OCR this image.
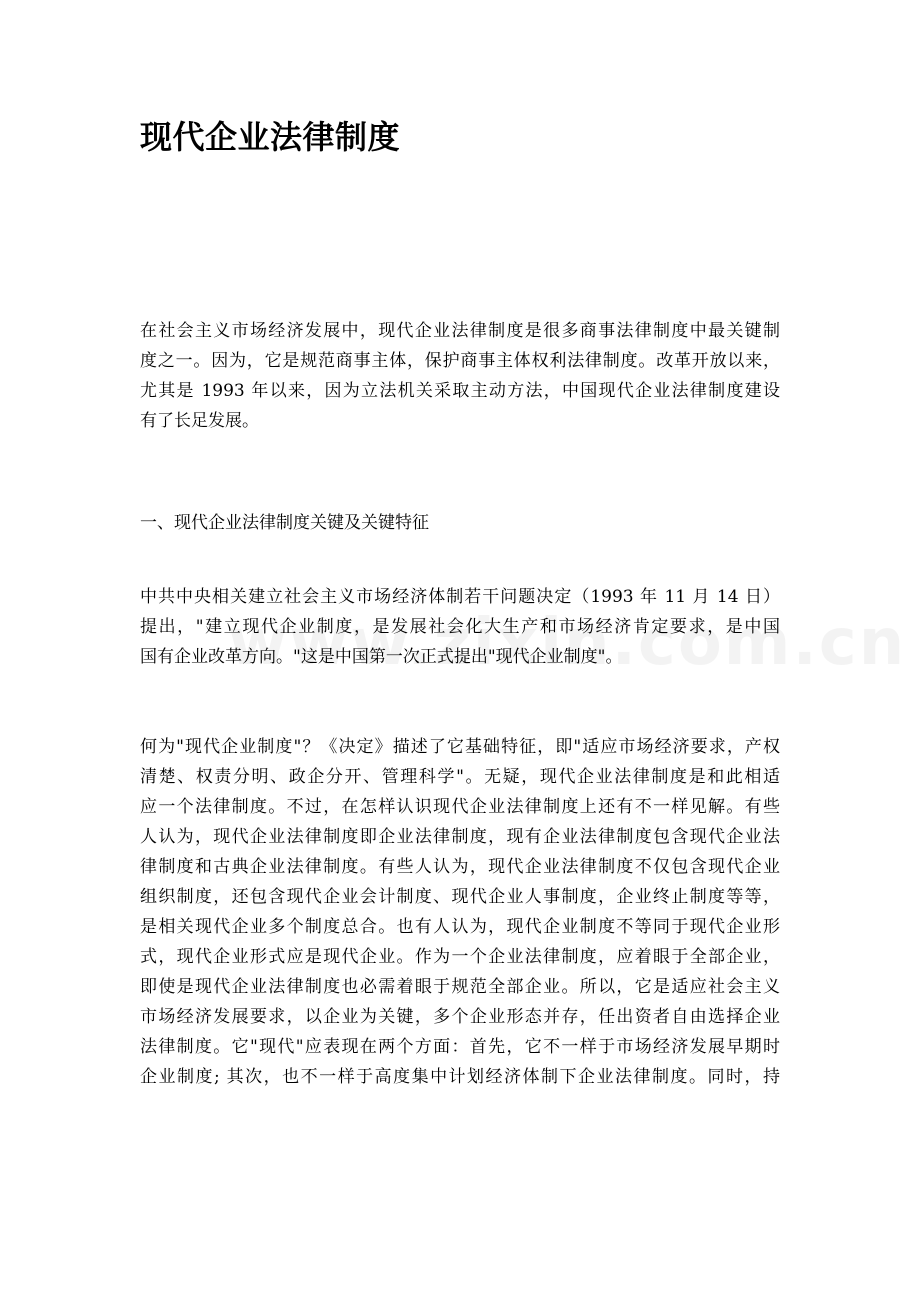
现代企业法律制度
在社会主义市场经济发展中，现代企业法律制度是很多商事法律制度中最关键制
度之一。因为，它是规范商事主体，保护商事主体权利法律制度。改革开放以来，
尤其是 1993 年以来，因为立法机关采取主动方法，中国现代企业法律制度建设
有了长足发展。

一、现代企业法律制度关键及关键特征

中共中央相关建立社会主义市场经济体制若干问题决定（1993 年 11 月 14 日）
提出，"建立现代企业制度，是发展社会化大生产和市场经济肯定要求，是中国
国有企业改革方向。"这是中国第一次正式提出"现代企业制度"。
何为"现代企业制度"？《决定》描述了它基础特征，即"适应市场经济要求，产权
清楚、权责分明、政企分开、管理科学"。无疑，现代企业法律制度是和此相适
应一个法律制度。不过，在怎样认识现代企业法律制度上还有不一样见解。有些
人认为，现代企业法律制度即企业法律制度，现有企业法律制度包含现代企业法
律制度和古典企业法律制度。有些人认为，现代企业法律制度不仅包含现代企业
组织制度，还包含现代企业会计制度、现代企业人事制度，企业终止制度等等，
是相关现代企业多个制度总合。也有人认为，现代企业制度不等同于现代企业形
式，现代企业形式应是现代企业。作为一个企业法律制度，应着眼于全部企业，
即使是现代企业法律制度也必需着眼于规范全部企业。所以，它是适应社会主义
市场经济发展要求，以企业为关键，多个企业形态并存，任出资者自由选择企业
法律制度。它"现代"应表现在两个方面：首先，它不一样于市场经济发展早期时
企业制度; 其次，也不一样于高度集中计划经济体制下企业法律制度。同时，持
